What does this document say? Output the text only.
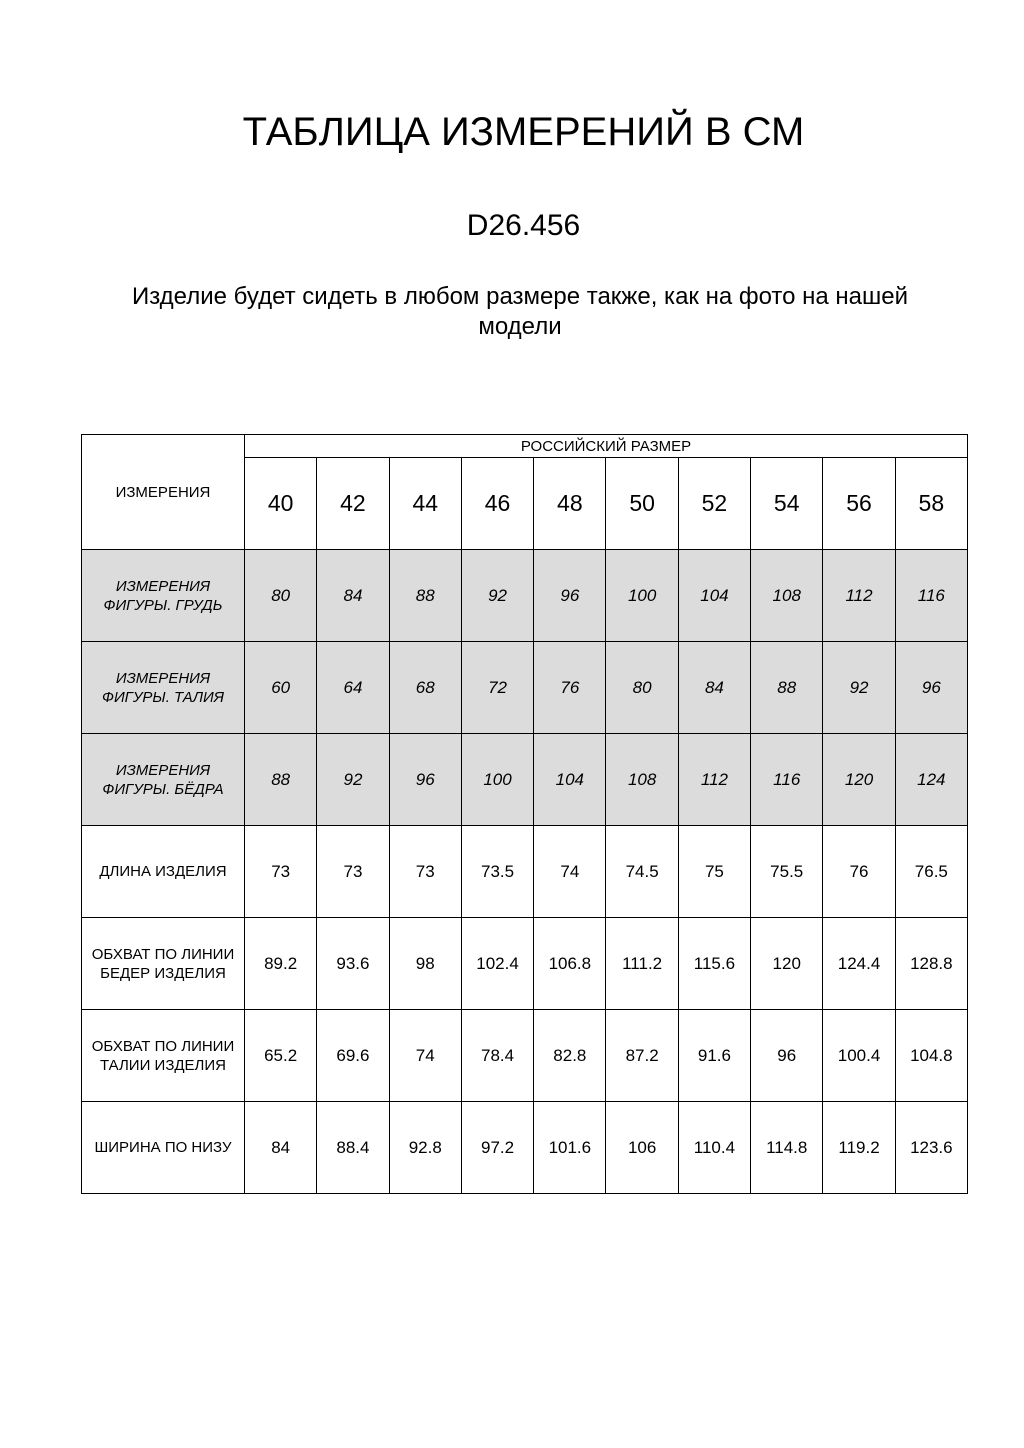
ТАБЛИЦА ИЗМЕРЕНИЙ В СМ
D26.456
Изделие будет сидеть в любом размере также, как на фото на нашей модели
ИЗМЕРЕНИЯ	РОССИЙСКИЙ РАЗМЕР									
	40	42	44	46	48	50	52	54	56	58
ИЗМЕРЕНИЯ ФИГУРЫ. ГРУДЬ	80	84	88	92	96	100	104	108	112	116
ИЗМЕРЕНИЯ ФИГУРЫ. ТАЛИЯ	60	64	68	72	76	80	84	88	92	96
ИЗМЕРЕНИЯ ФИГУРЫ. БЁДРА	88	92	96	100	104	108	112	116	120	124
ДЛИНА ИЗДЕЛИЯ	73	73	73	73.5	74	74.5	75	75.5	76	76.5
ОБХВАТ ПО ЛИНИИ БЕДЕР ИЗДЕЛИЯ	89.2	93.6	98	102.4	106.8	111.2	115.6	120	124.4	128.8
ОБХВАТ ПО ЛИНИИ ТАЛИИ ИЗДЕЛИЯ	65.2	69.6	74	78.4	82.8	87.2	91.6	96	100.4	104.8
ШИРИНА ПО НИЗУ	84	88.4	92.8	97.2	101.6	106	110.4	114.8	119.2	123.6
